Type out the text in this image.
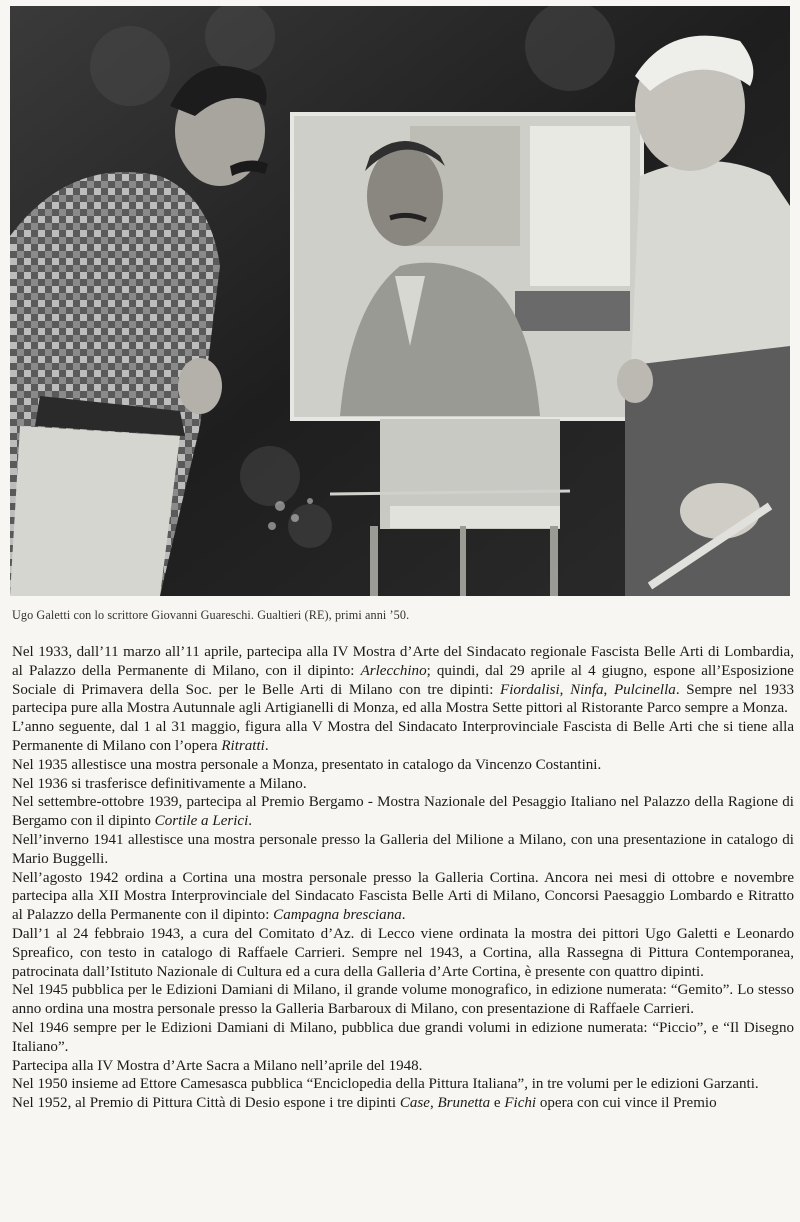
Ugo Galetti con lo scrittore Giovanni Guareschi. Gualtieri (RE), primi anni ’50.

Nel 1933, dall’11 marzo all’11 aprile, partecipa alla IV Mostra d’Arte del Sindacato regionale Fascista Belle Arti di Lombardia, al Palazzo della Permanente di Milano, con il dipinto: Arlecchino; quindi, dal 29 aprile al 4 giugno, espone all’Esposizione Sociale di Primavera della Soc. per le Belle Arti di Milano con tre dipinti: Fiordalisi, Ninfa, Pulcinella. Sempre nel 1933 partecipa pure alla Mostra Autunnale agli Artigianelli di Monza, ed alla Mostra Sette pittori al Ristorante Parco sempre a Monza.

L’anno seguente, dal 1 al 31 maggio, figura alla V Mostra del Sindacato Interprovinciale Fascista di Belle Arti che si tiene alla Permanente di Milano con l’opera Ritratti.

Nel 1935 allestisce una mostra personale a Monza, presentato in catalogo da Vincenzo Costantini.

Nel 1936 si trasferisce definitivamente a Milano.

Nel settembre-ottobre 1939, partecipa al Premio Bergamo - Mostra Nazionale del Pesaggio Italiano nel Palazzo della Ragione di Bergamo con il dipinto Cortile a Lerici.

Nell’inverno 1941 allestisce una mostra personale presso la Galleria del Milione a Milano, con una presentazione in catalogo di Mario Buggelli.

Nell’agosto 1942 ordina a Cortina una mostra personale presso la Galleria Cortina. Ancora nei mesi di ottobre e novembre partecipa alla XII Mostra Interprovinciale del Sindacato Fascista Belle Arti di Milano, Concorsi Paesaggio Lombardo e Ritratto al Palazzo della Permanente con il dipinto: Campagna bresciana.

Dall’1 al 24 febbraio 1943, a cura del Comitato d’Az. di Lecco viene ordinata la mostra dei pittori Ugo Galetti e Leonardo Spreafico, con testo in catalogo di Raffaele Carrieri. Sempre nel 1943, a Cortina, alla Rassegna di Pittura Contemporanea, patrocinata dall’Istituto Nazionale di Cultura ed a cura della Galleria d’Arte Cortina, è presente con quattro dipinti.

Nel 1945 pubblica per le Edizioni Damiani di Milano, il grande volume monografico, in edizione numerata: “Gemito”. Lo stesso anno ordina una mostra personale presso la Galleria Barbaroux di Milano, con presentazione di Raffaele Carrieri.

Nel 1946 sempre per le Edizioni Damiani di Milano, pubblica due grandi volumi in edizione numerata: “Piccio”, e “Il Disegno Italiano”.

Partecipa alla IV Mostra d’Arte Sacra a Milano nell’aprile del 1948.

Nel 1950 insieme ad Ettore Camesasca pubblica “Enciclopedia della Pittura Italiana”, in tre volumi per le edizioni Garzanti.

Nel 1952, al Premio di Pittura Città di Desio espone i tre dipinti Case, Brunetta e Fichi opera con cui vince il Premio
